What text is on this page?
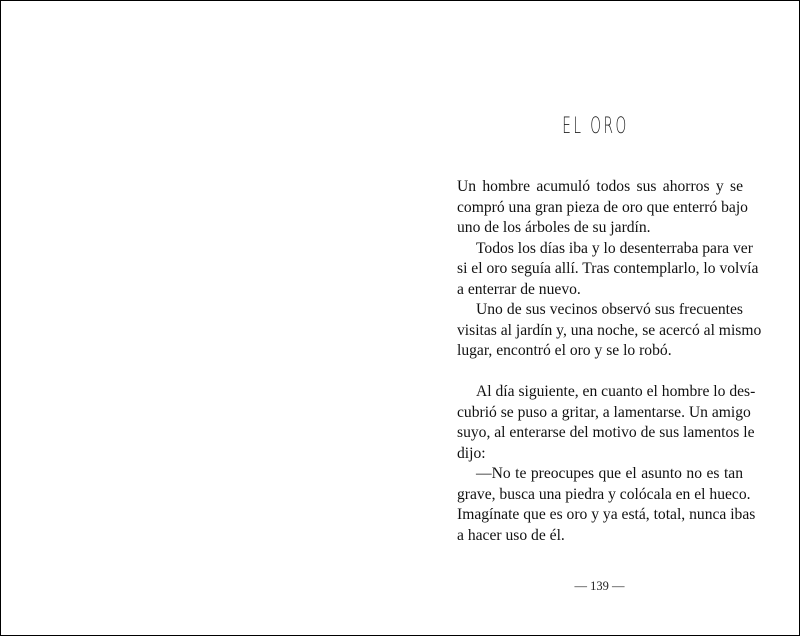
EL ORO
Un hombre acumuló todos sus ahorros y se
compró una gran pieza de oro que enterró bajo
uno de los árboles de su jardín.
Todos los días iba y lo desenterraba para ver
si el oro seguía allí. Tras contemplarlo, lo volvía
a enterrar de nuevo.
Uno de sus vecinos observó sus frecuentes
visitas al jardín y, una noche, se acercó al mismo
lugar, encontró el oro y se lo robó.
Al día siguiente, en cuanto el hombre lo des-
cubrió se puso a gritar, a lamentarse. Un amigo
suyo, al enterarse del motivo de sus lamentos le
dijo:
—No te preocupes que el asunto no es tan
grave, busca una piedra y colócala en el hueco.
Imagínate que es oro y ya está, total, nunca ibas
a hacer uso de él.
— 139 —
